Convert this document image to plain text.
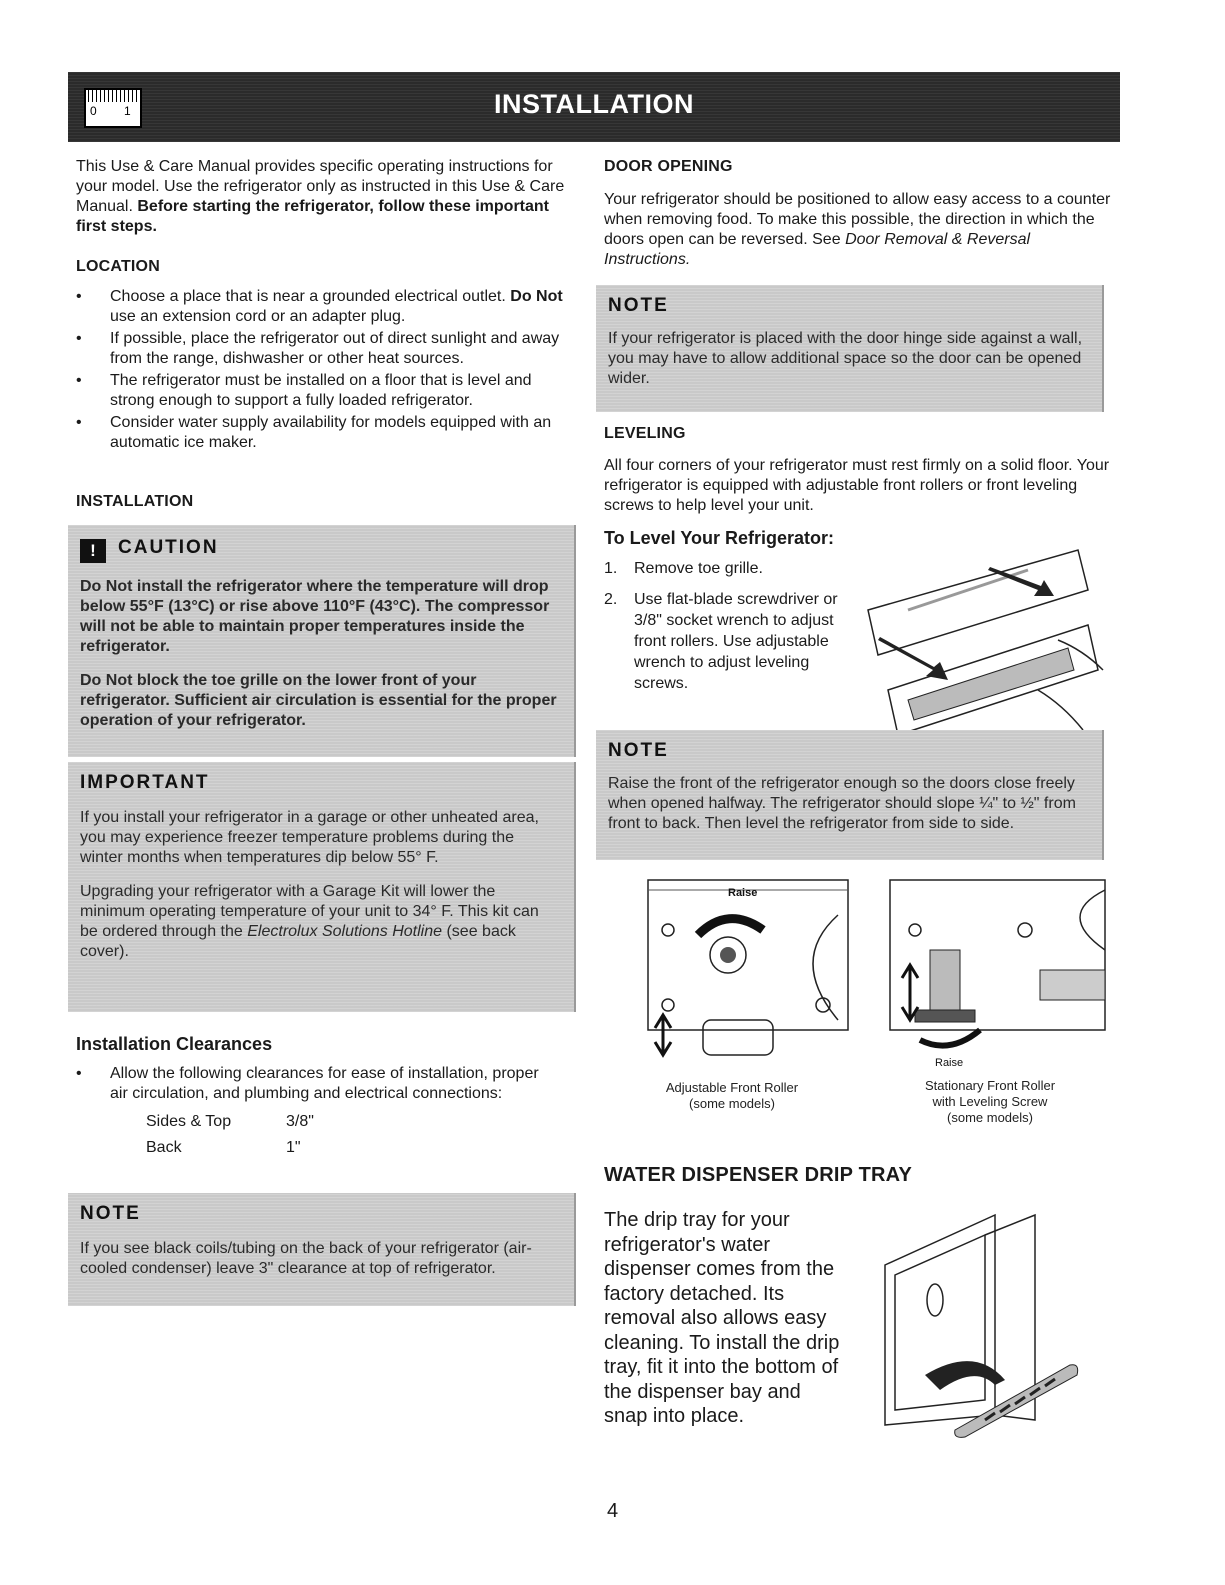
0 1	INSTALLATION

This Use & Care Manual provides specific operating instructions for your model. Use the refrigerator only as instructed in this Use & Care Manual. Before starting the refrigerator, follow these important first steps.

LOCATION
•	Choose a place that is near a grounded electrical outlet. Do Not use an extension cord or an adapter plug.
•	If possible, place the refrigerator out of direct sunlight and away from the range, dishwasher or other heat sources.
•	The refrigerator must be installed on a floor that is level and strong enough to support a fully loaded refrigerator.
•	Consider water supply availability for models equipped with an automatic ice maker.
INSTALLATION
! CAUTION

Do Not install the refrigerator where the temperature will drop below 55°F (13°C) or rise above 110°F (43°C). The compressor will not be able to maintain proper temperatures inside the refrigerator.

Do Not block the toe grille on the lower front of your refrigerator. Sufficient air circulation is essential for the proper operation of your refrigerator.

IMPORTANT

If you install your refrigerator in a garage or other unheated area, you may experience freezer temperature problems during the winter months when temperatures dip below 55° F.

Upgrading your refrigerator with a Garage Kit will lower the minimum operating temperature of your unit to 34° F. This kit can be ordered through the Electrolux Solutions Hotline (see back cover).

Installation Clearances
•	Allow the following clearances for ease of installation, proper air circulation, and plumbing and electrical connections:
Sides & Top	3/8"
Back	1"
NOTE

If you see black coils/tubing on the back of your refrigerator (air-cooled condenser) leave 3" clearance at top of refrigerator.

DOOR OPENING

Your refrigerator should be positioned to allow easy access to a counter when removing food. To make this possible, the direction in which the doors open can be reversed. See Door Removal & Reversal Instructions.

NOTE

If your refrigerator is placed with the door hinge side against a wall, you may have to allow additional space so the door can be opened wider.

LEVELING
All four corners of your refrigerator must rest firmly on a solid floor. Your refrigerator is equipped with adjustable front rollers or front leveling screws to help level your unit.
To Level Your Refrigerator:
1.	Remove toe grille.
2.	Use flat-blade screwdriver or 3/8" socket wrench to adjust front rollers. Use adjustable wrench to adjust leveling screws.
NOTE

Raise the front of the refrigerator enough so the doors close freely when opened halfway. The refrigerator should slope ¼" to ½" from front to back. Then level the refrigerator from side to side.

Raise
Raise
Adjustable Front Roller
(some models)
Stationary Front Roller
with Leveling Screw
(some models)
WATER DISPENSER DRIP TRAY
The drip tray for your refrigerator's water dispenser comes from the factory detached. Its removal also allows easy cleaning. To install the drip tray, fit it into the bottom of the dispenser bay and snap into place.
4
